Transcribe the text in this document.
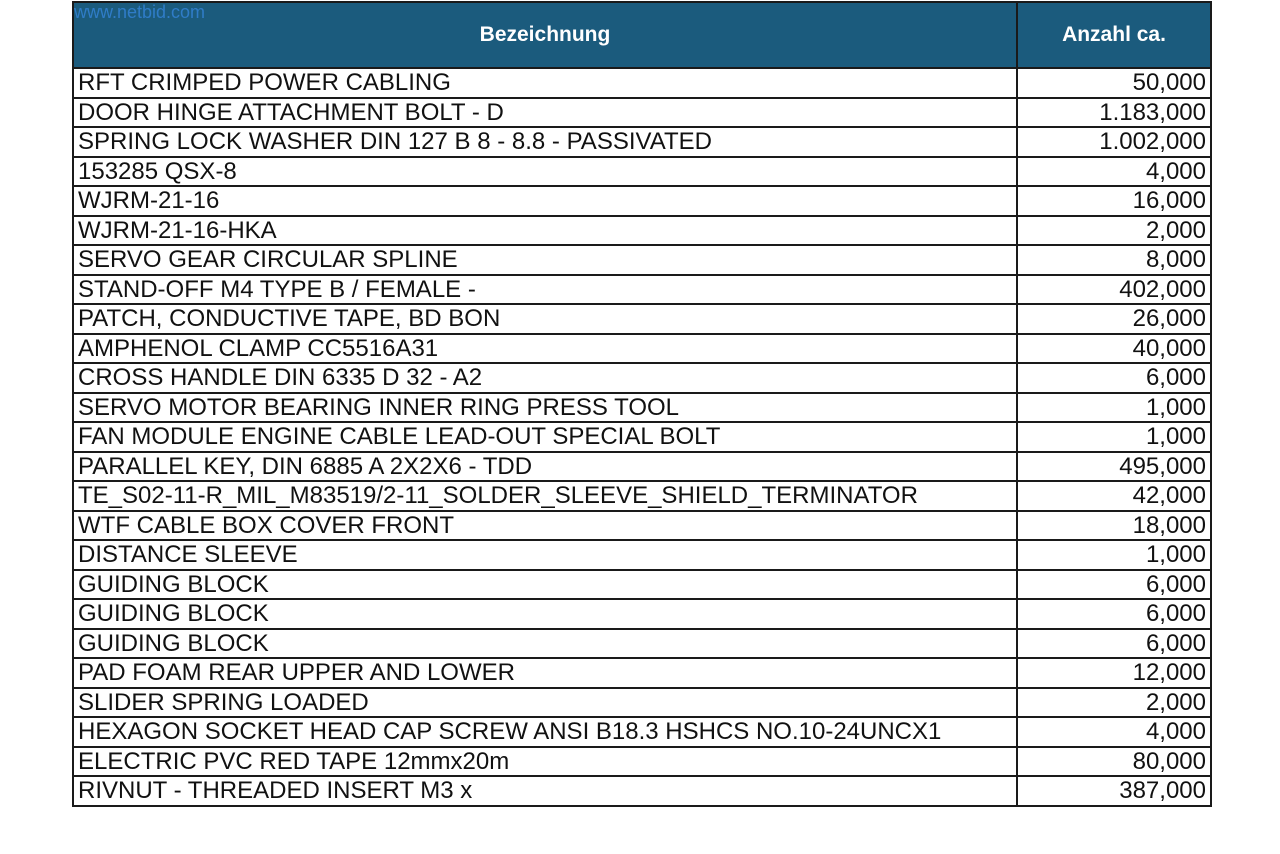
www.netbid.com
Bezeichnung	Anzahl ca.
RFT CRIMPED POWER CABLING	50,000
DOOR HINGE ATTACHMENT BOLT - D	1.183,000
SPRING LOCK WASHER DIN 127 B 8 - 8.8 - PASSIVATED	1.002,000
153285 QSX-8	4,000
WJRM-21-16	16,000
WJRM-21-16-HKA	2,000
SERVO GEAR CIRCULAR SPLINE	8,000
STAND-OFF M4 TYPE B / FEMALE -	402,000
PATCH, CONDUCTIVE TAPE, BD BON	26,000
AMPHENOL CLAMP CC5516A31	40,000
CROSS HANDLE DIN 6335 D 32 - A2	6,000
SERVO MOTOR BEARING INNER RING PRESS TOOL	1,000
FAN MODULE ENGINE CABLE LEAD-OUT SPECIAL BOLT	1,000
PARALLEL KEY, DIN 6885 A 2X2X6 - TDD	495,000
TE_S02-11-R_MIL_M83519/2-11_SOLDER_SLEEVE_SHIELD_TERMINATOR	42,000
WTF CABLE BOX COVER FRONT	18,000
DISTANCE SLEEVE	1,000
GUIDING BLOCK	6,000
GUIDING BLOCK	6,000
GUIDING BLOCK	6,000
PAD FOAM REAR UPPER AND LOWER	12,000
SLIDER SPRING LOADED	2,000
HEXAGON SOCKET HEAD CAP SCREW ANSI B18.3 HSHCS NO.10-24UNCX1	4,000
ELECTRIC PVC RED TAPE 12mmx20m	80,000
RIVNUT - THREADED INSERT M3 x	387,000
